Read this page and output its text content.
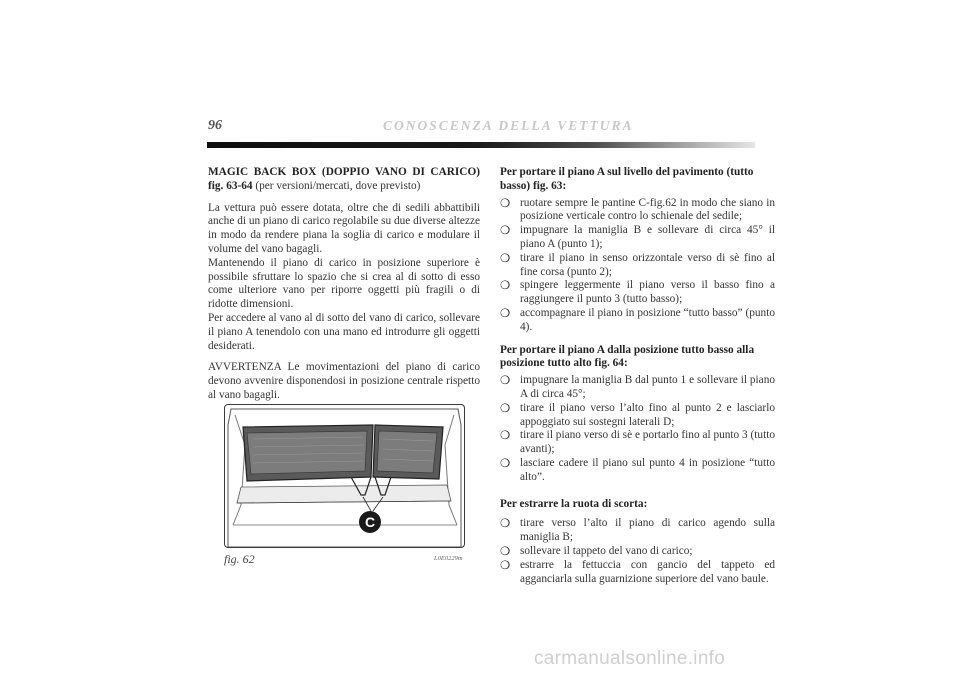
96	CONOSCENZA DELLA VETTURA

MAGIC BACK BOX (DOPPIO VANO DI CARICO) fig. 63-64 (per versioni/mercati, dove previsto)

La vettura può essere dotata, oltre che di sedili abbattibili anche di un piano di carico regolabile su due diverse altezze in modo da rendere piana la soglia di carico e modulare il volume del vano bagagli.

Mantenendo il piano di carico in posizione superiore è possibile sfruttare lo spazio che si crea al di sotto di esso come ulteriore vano per riporre oggetti più fragili o di ridotte dimensioni.

Per accedere al vano al di sotto del vano di carico, sollevare il piano A tenendolo con una mano ed introdurre gli oggetti desiderati.

AVVERTENZA Le movimentazioni del piano di carico devono avvenire disponendosi in posizione centrale rispetto al vano bagagli.

C
fig. 62	L0E0229m
Per portare il piano A sul livello del pavimento (tutto basso) fig. 63:
❍ ruotare sempre le pantine C-fig.62 in modo che siano in posizione verticale contro lo schienale del sedile;
❍ impugnare la maniglia B e sollevare di circa 45° il piano A (punto 1);
❍ tirare il piano in senso orizzontale verso di sè fino al fine corsa (punto 2);
❍ spingere leggermente il piano verso il basso fino a raggiungere il punto 3 (tutto basso);
❍ accompagnare il piano in posizione “tutto basso” (punto 4).
Per portare il piano A dalla posizione tutto basso alla posizione tutto alto fig. 64:
❍ impugnare la maniglia B dal punto 1 e sollevare il piano A di circa 45°;
❍ tirare il piano verso l’alto fino al punto 2 e lasciarlo appoggiato sui sostegni laterali D;
❍ tirare il piano verso di sè e portarlo fino al punto 3 (tutto avanti);
❍ lasciare cadere il piano sul punto 4 in posizione “tutto alto”.
Per estrarre la ruota di scorta:
❍ tirare verso l’alto il piano di carico agendo sulla maniglia B;
❍ sollevare il tappeto del vano di carico;
❍ estrarre la fettuccia con gancio del tappeto ed agganciarla sulla guarnizione superiore del vano baule.
carmanualsonline.info
